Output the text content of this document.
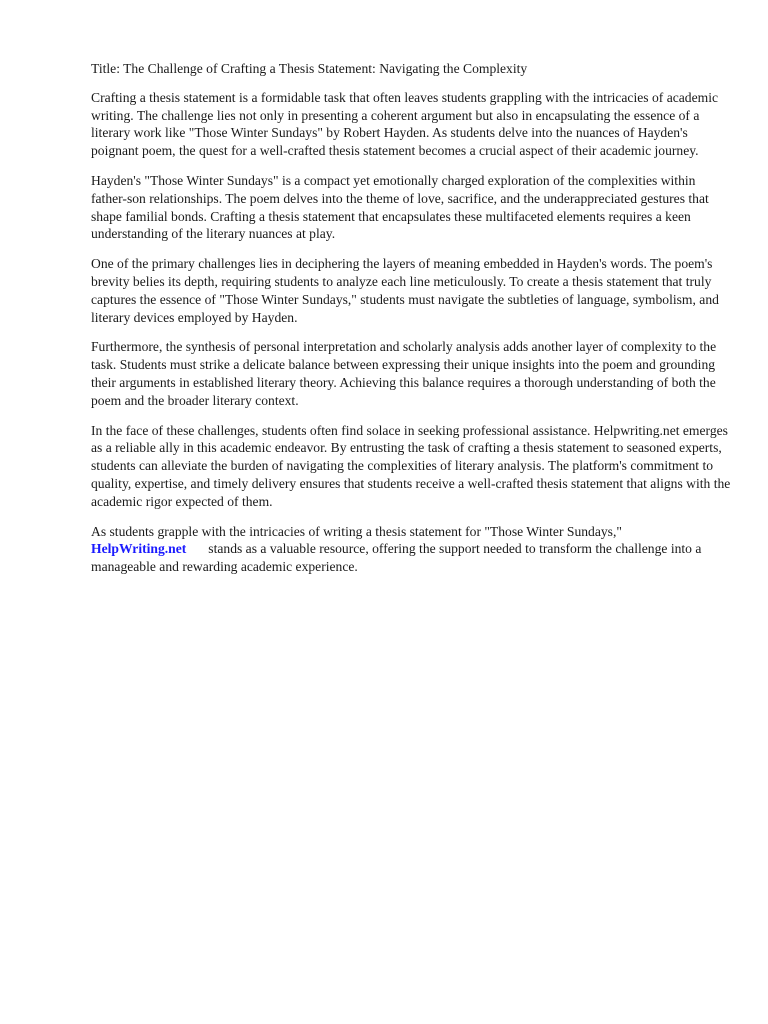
Title: The Challenge of Crafting a Thesis Statement: Navigating the Complexity

Crafting a thesis statement is a formidable task that often leaves students grappling with the intricacies of academic writing. The challenge lies not only in presenting a coherent argument but also in encapsulating the essence of a literary work like "Those Winter Sundays" by Robert Hayden. As students delve into the nuances of Hayden's poignant poem, the quest for a well-crafted thesis statement becomes a crucial aspect of their academic journey.

Hayden's "Those Winter Sundays" is a compact yet emotionally charged exploration of the complexities within father-son relationships. The poem delves into the theme of love, sacrifice, and the underappreciated gestures that shape familial bonds. Crafting a thesis statement that encapsulates these multifaceted elements requires a keen understanding of the literary nuances at play.

One of the primary challenges lies in deciphering the layers of meaning embedded in Hayden's words. The poem's brevity belies its depth, requiring students to analyze each line meticulously. To create a thesis statement that truly captures the essence of "Those Winter Sundays," students must navigate the subtleties of language, symbolism, and literary devices employed by Hayden.

Furthermore, the synthesis of personal interpretation and scholarly analysis adds another layer of complexity to the task. Students must strike a delicate balance between expressing their unique insights into the poem and grounding their arguments in established literary theory. Achieving this balance requires a thorough understanding of both the poem and the broader literary context.

In the face of these challenges, students often find solace in seeking professional assistance. Helpwriting.net emerges as a reliable ally in this academic endeavor. By entrusting the task of crafting a thesis statement to seasoned experts, students can alleviate the burden of navigating the complexities of literary analysis. The platform's commitment to quality, expertise, and timely delivery ensures that students receive a well-crafted thesis statement that aligns with the academic rigor expected of them.

As students grapple with the intricacies of writing a thesis statement for "Those Winter Sundays,"
HelpWriting.net stands as a valuable resource, offering the support needed to transform the challenge into a manageable and rewarding academic experience.
